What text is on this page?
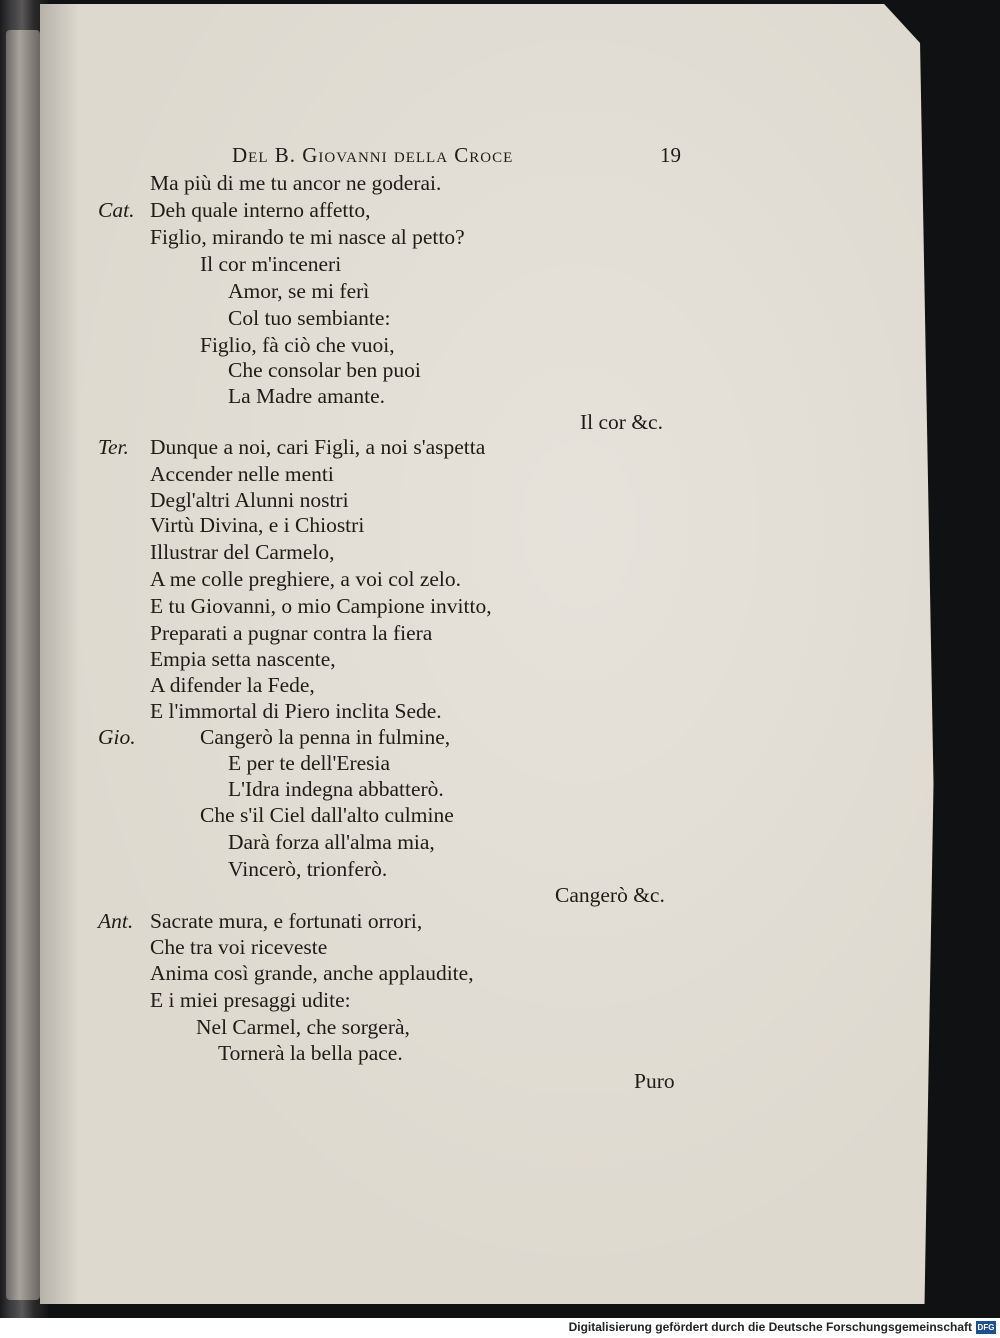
Del B. Giovanni della Croce	19
Ma più di me tu ancor ne goderai.
Cat. Deh quale interno affetto,
Figlio, mirando te mi nasce al petto?
Il cor m'inceneri
Amor, se mi ferì
Col tuo sembiante:
Figlio, fà ciò che vuoi,
Che consolar ben puoi
La Madre amante.
Il cor &c.
Ter. Dunque a noi, cari Figli, a noi s'aspetta
Accender nelle menti
Degl'altri Alunni nostri
Virtù Divina, e i Chiostri
Illustrar del Carmelo,
A me colle preghiere, a voi col zelo.
E tu Giovanni, o mio Campione invitto,
Preparati a pugnar contra la fiera
Empia setta nascente,
A difender la Fede,
E l'immortal di Piero inclita Sede.
Gio.	Cangerò la penna in fulmine,
E per te dell'Eresia
L'Idra indegna abbatterò.
Che s'il Ciel dall'alto culmine
Darà forza all'alma mia,
Vincerò, trionferò.
Cangerò &c.
Ant. Sacrate mura, e fortunati orrori,
Che tra voi riceveste
Anima così grande, anche applaudite,
E i miei presaggi udite:
Nel Carmel, che sorgerà,
Tornerà la bella pace.
Puro
Digitalisierung gefördert durch die Deutsche Forschungsgemeinschaft DFG
